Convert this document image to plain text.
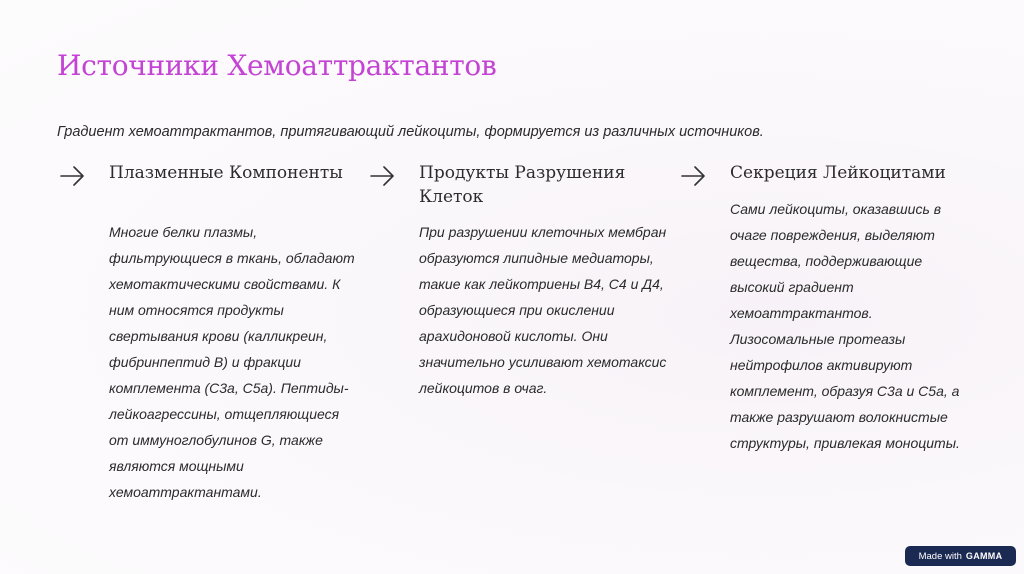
Источники Хемоаттрактантов

Градиент хемоаттрактантов, притягивающий лейкоциты, формируется из различных источников.

Плазменные Компоненты

Многие белки плазмы, фильтрующиеся в ткань, обладают хемотактическими свойствами. К ним относятся продукты свертывания крови (калликреин, фибринпептид В) и фракции комплемента (С3а, С5а). Пептиды-лейкоагрессины, отщепляющиеся от иммуноглобулинов G, также являются мощными хемоаттрактантами.

Продукты Разрушения Клеток

При разрушении клеточных мембран образуются липидные медиаторы, такие как лейкотриены В4, С4 и Д4, образующиеся при окислении арахидоновой кислоты. Они значительно усиливают хемотаксис лейкоцитов в очаг.

Секреция Лейкоцитами

Сами лейкоциты, оказавшись в очаге повреждения, выделяют вещества, поддерживающие высокий градиент хемоаттрактантов. Лизосомальные протеазы нейтрофилов активируют комплемент, образуя С3а и С5а, а также разрушают волокнистые структуры, привлекая моноциты.

Made with GAMMA
